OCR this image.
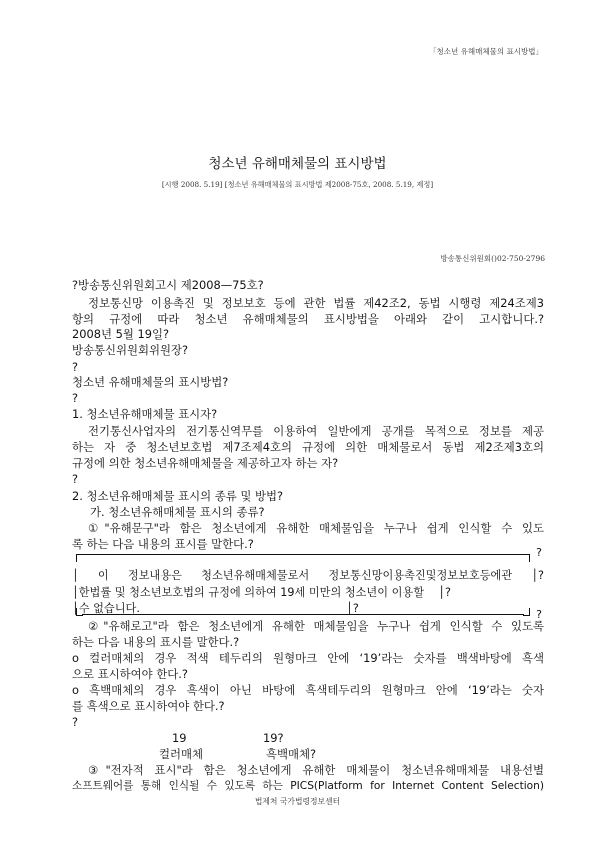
「청소년 유해매체물의 표시방법」
청소년 유해매체물의 표시방법
[시행 2008. 5.19] [청소년 유해매체물의 표시방법 제2008-75호, 2008. 5.19, 제정]
방송통신위원회()02-750-2796
?방송통신위원회고시 제2008—75호?
정보통신망 이용촉진 및 정보보호 등에 관한 법률 제42조2, 동법 시행령 제24조제3
항의 규정에 따라 청소년 유해매체물의 표시방법을 아래와 같이 고시합니다.?
2008년 5월 19일?
방송통신위원회위원장?
?
청소년 유해매체물의 표시방법?
?
1. 청소년유해매체물 표시자?
전기통신사업자의 전기통신역무를 이용하여 일반에게 공개를 목적으로 정보를 제공
하는 자 중 청소년보호법 제7조제4호의 규정에 의한 매체물로서 동법 제2조제3호의
규정에 의한 청소년유해매체물을 제공하고자 하는 자?
?
2. 청소년유해매체물 표시의 종류 및 방법?
가. 청소년유해매체물 표시의 종류?
①"유해문구"라 함은 청소년에게 유해한 매체물임을 누구나 쉽게 인식할 수 있도
록 하는 다음 내용의 표시를 말한다.?
?
│ 이 정보내용은 청소년유해매체물로서 정보통신망이용촉진및정보보호등에관 │?
│한법률 및 청소년보호법의 규정에 의하여 19세 미만의 청소년이 이용할    │?
│수 없습니다.                                                          │?	?
②"유해로고"라 함은 청소년에게 유해한 매체물임을 누구나 쉽게 인식할 수 있도록
하는 다음 내용의 표시를 말한다.?
o 컬러매체의 경우 적색 테두리의 원형마크 안에 ‘19’라는 숫자를 백색바탕에 흑색
으로 표시하여야 한다.?
o 흑백매체의 경우 흑색이 아닌 바탕에 흑색테두리의 원형마크 안에 ‘19’라는 숫자
를 흑색으로 표시하여야 한다.?
?
19	19?
컬러매체	흑백매체?
③"전자적 표시"라 함은 청소년에게 유해한 매체물이 청소년유해매체물 내용선별
소프트웨어를 통해 인식될 수 있도록 하는 PICS(Platform for Internet Content Selection)
법제처 국가법령정보센터
